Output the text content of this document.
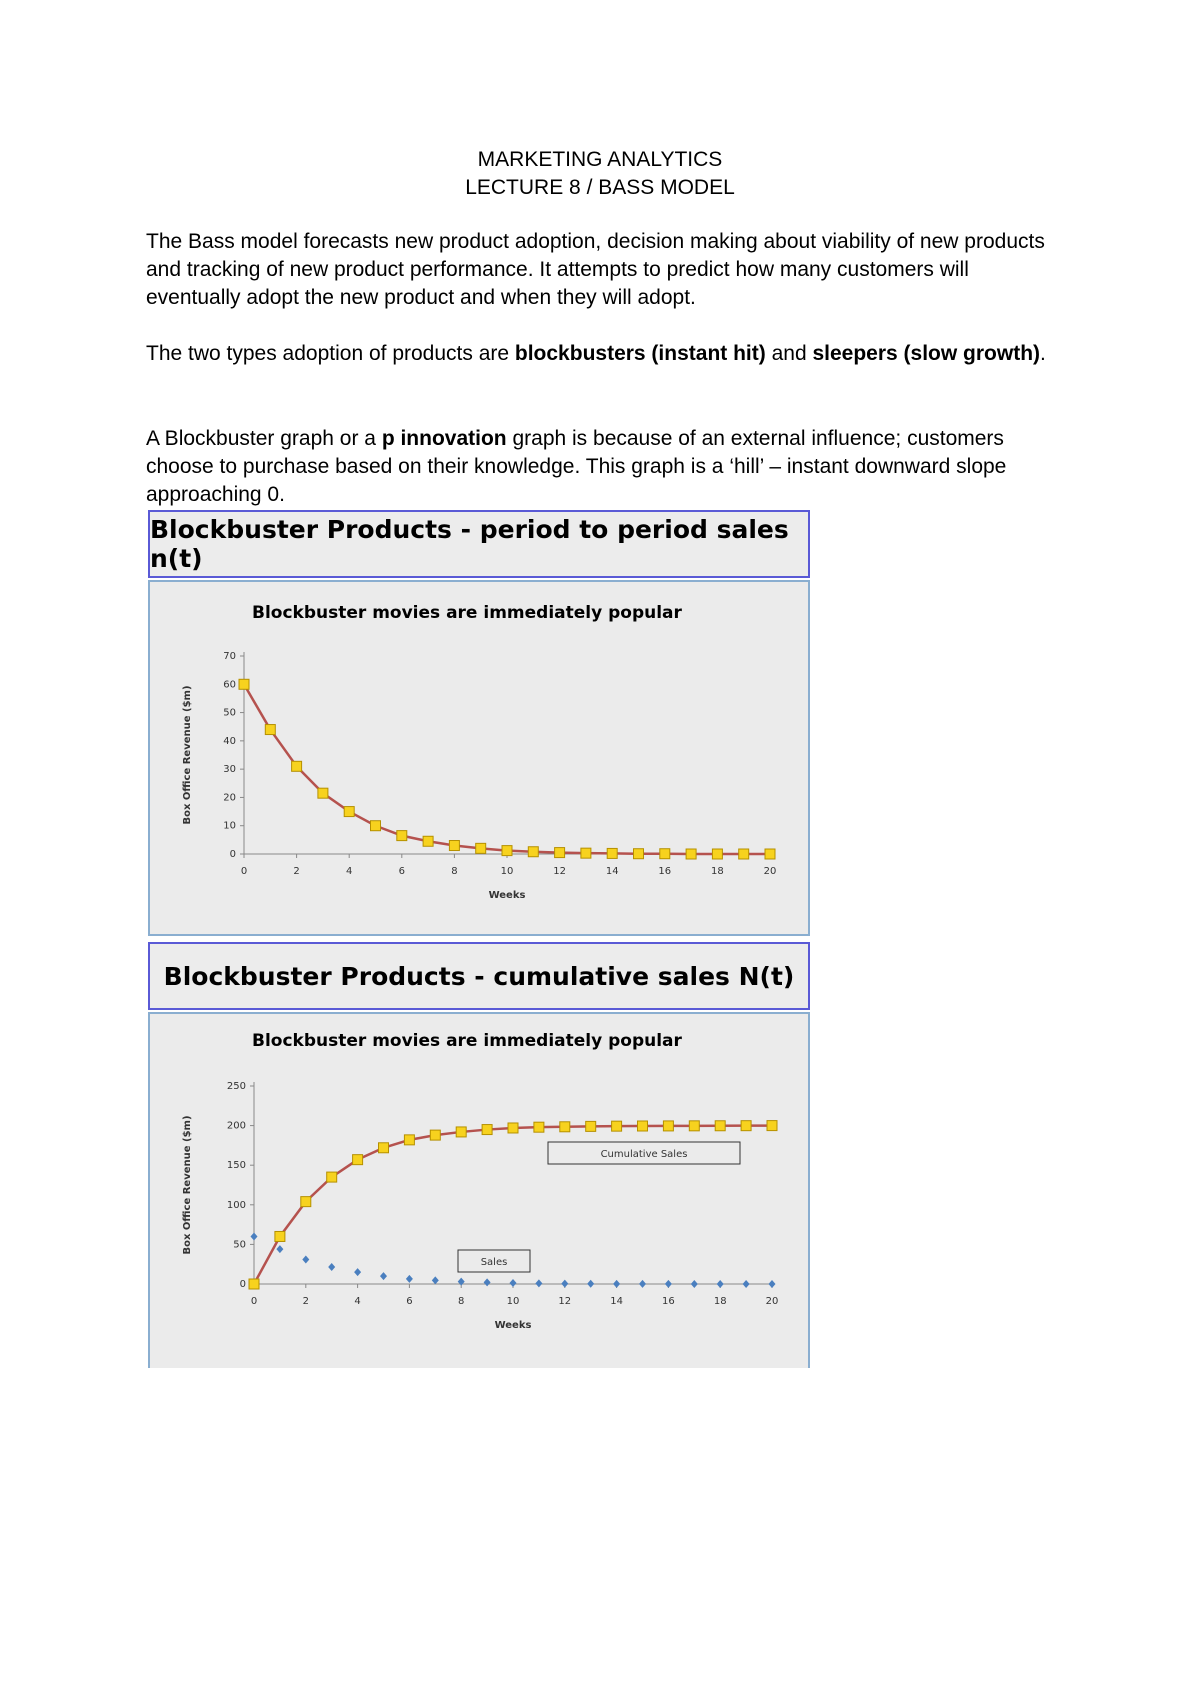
MARKETING ANALYTICS
LECTURE 8 / BASS MODEL
The Bass model forecasts new product adoption, decision making about viability of new products and tracking of new product performance. It attempts to predict how many customers will eventually adopt the new product and when they will adopt.
The two types adoption of products are blockbusters (instant hit) and sleepers (slow growth).
A Blockbuster graph or a p innovation graph is because of an external influence; customers choose to purchase based on their knowledge. This graph is a ‘hill’ – instant downward slope approaching 0.
Blockbuster Products - period to period sales n(t)
Blockbuster movies are immediately popular
Weeks
Box Office Revenue ($m)
0
10
20
30
40
50
60
70
0	2	4	6	8	10	12	14	16	18	20
Blockbuster Products - cumulative sales N(t)
Blockbuster movies are immediately popular
Weeks
Box Office Revenue ($m)
0
50
100
150
200
250
0	2	4	6	8	10	12	14	16	18	20
Cumulative Sales
Sales
